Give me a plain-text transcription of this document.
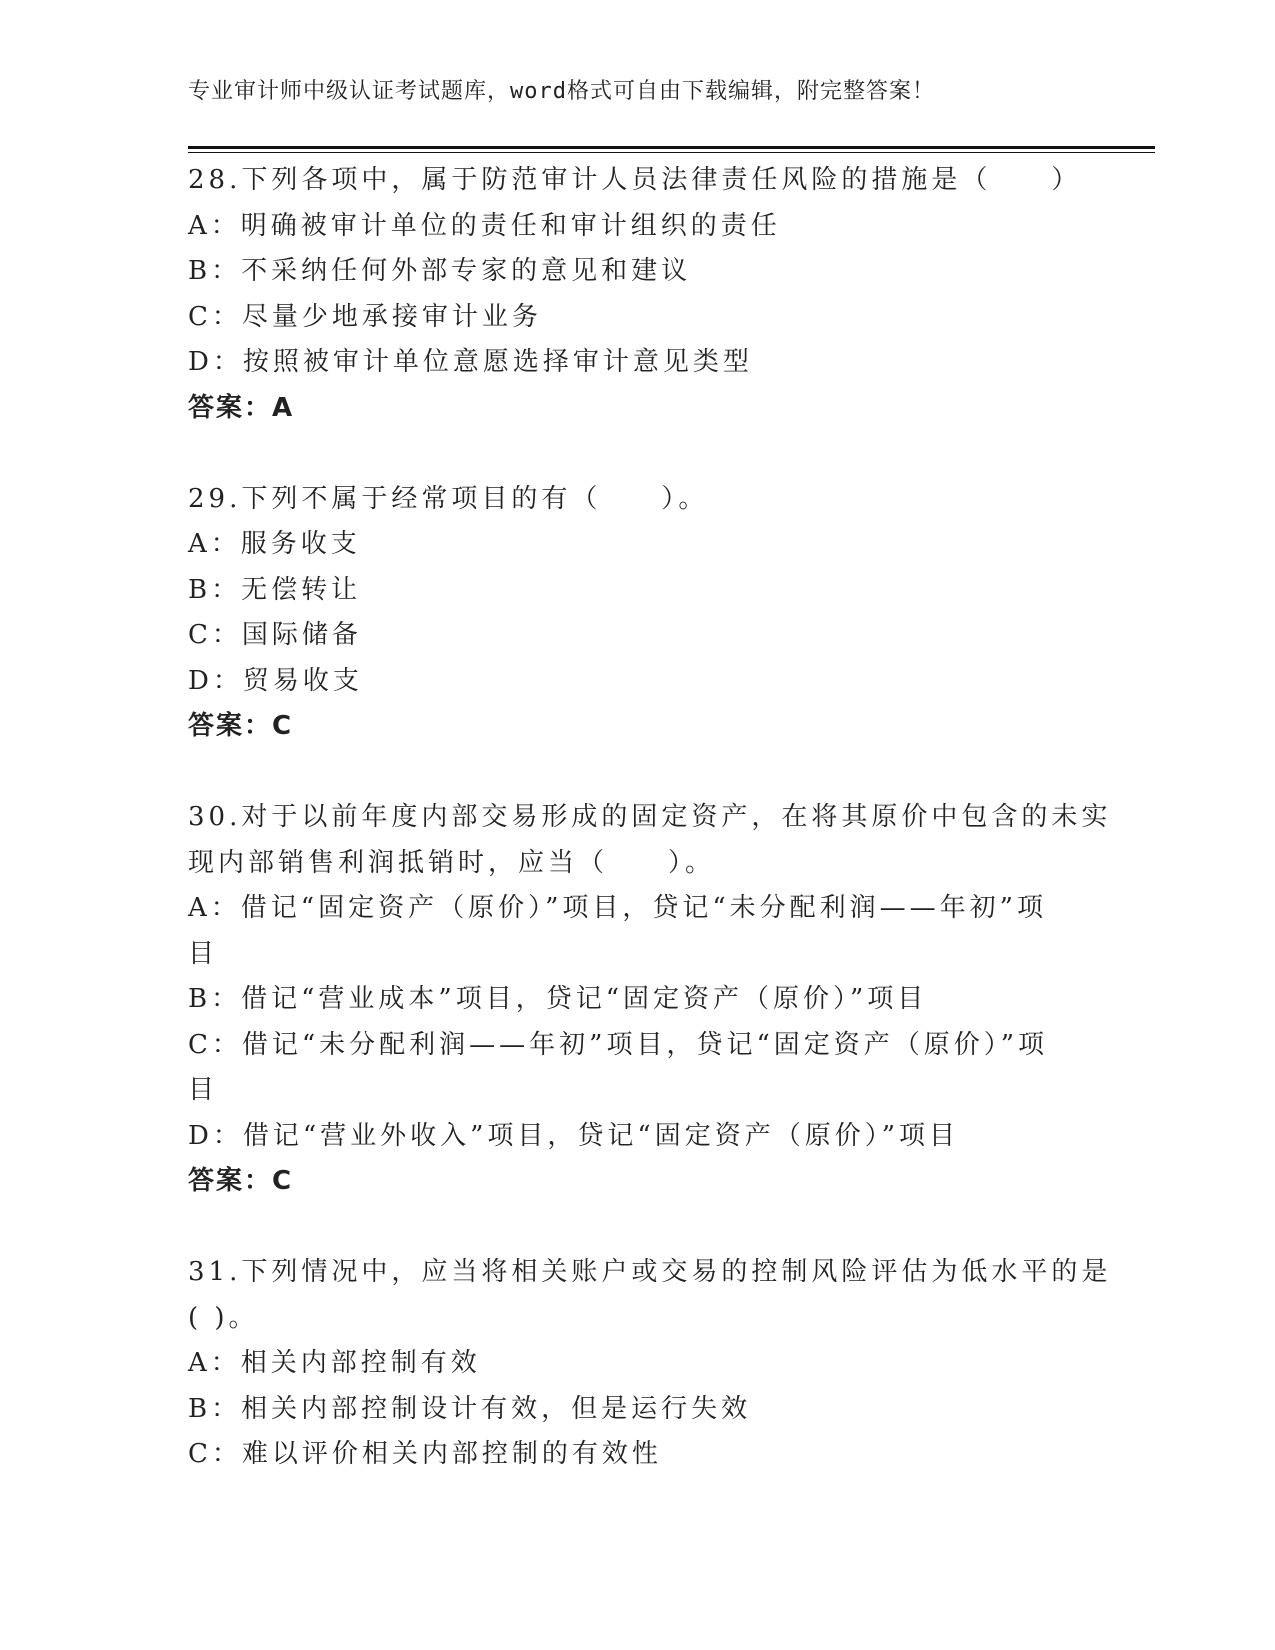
专业审计师中级认证考试题库，word格式可自由下载编辑，附完整答案！
28.下列各项中，属于防范审计人员法律责任风险的措施是（　　）
A：明确被审计单位的责任和审计组织的责任
B：不采纳任何外部专家的意见和建议
C：尽量少地承接审计业务
D：按照被审计单位意愿选择审计意见类型
答案：A
29.下列不属于经常项目的有（　　）。
A：服务收支
B：无偿转让
C：国际储备
D：贸易收支
答案：C
30.对于以前年度内部交易形成的固定资产，在将其原价中包含的未实
现内部销售利润抵销时，应当（　　）。
A：借记“固定资产（原价）”项目，贷记“未分配利润——年初”项
目
B：借记“营业成本”项目，贷记“固定资产（原价）”项目
C：借记“未分配利润——年初”项目，贷记“固定资产（原价）”项
目
D：借记“营业外收入”项目，贷记“固定资产（原价）”项目
答案：C
31.下列情况中，应当将相关账户或交易的控制风险评估为低水平的是
( )。
A：相关内部控制有效
B：相关内部控制设计有效，但是运行失效
C：难以评价相关内部控制的有效性
